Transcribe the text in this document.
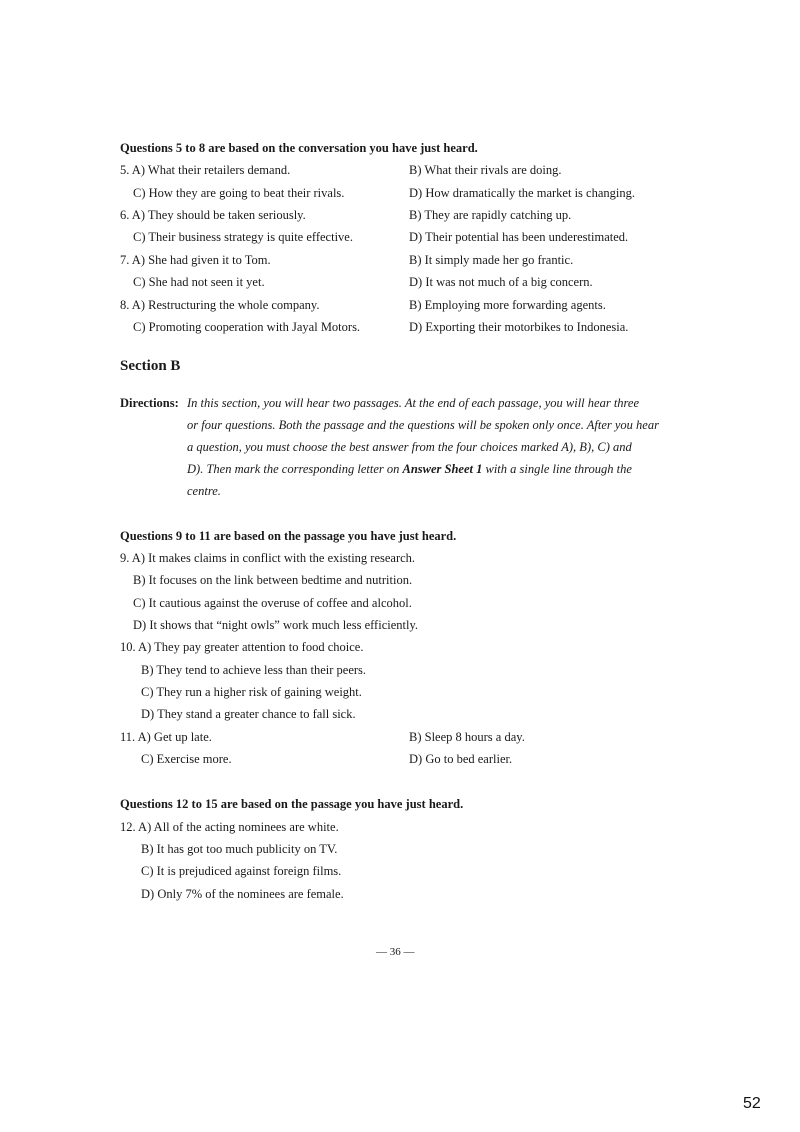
Questions 5 to 8 are based on the conversation you have just heard.
5. A) What their retailers demand.	B) What their rivals are doing.
C) How they are going to beat their rivals.	D) How dramatically the market is changing.
6. A) They should be taken seriously.	B) They are rapidly catching up.
C) Their business strategy is quite effective.	D) Their potential has been underestimated.
7. A) She had given it to Tom.	B) It simply made her go frantic.
C) She had not seen it yet.	D) It was not much of a big concern.
8. A) Restructuring the whole company.	B) Employing more forwarding agents.
C) Promoting cooperation with Jayal Motors.	D) Exporting their motorbikes to Indonesia.
Section B
Directions: In this section, you will hear two passages. At the end of each passage, you will hear three
or four questions. Both the passage and the questions will be spoken only once. After you hear
a question, you must choose the best answer from the four choices marked A), B), C) and
D). Then mark the corresponding letter on Answer Sheet 1 with a single line through the
centre.
Questions 9 to 11 are based on the passage you have just heard.
9. A) It makes claims in conflict with the existing research.
B) It focuses on the link between bedtime and nutrition.
C) It cautious against the overuse of coffee and alcohol.
D) It shows that “night owls” work much less efficiently.
10. A) They pay greater attention to food choice.
B) They tend to achieve less than their peers.
C) They run a higher risk of gaining weight.
D) They stand a greater chance to fall sick.
11. A) Get up late.	B) Sleep 8 hours a day.
C) Exercise more.	D) Go to bed earlier.
Questions 12 to 15 are based on the passage you have just heard.
12. A) All of the acting nominees are white.
B) It has got too much publicity on TV.
C) It is prejudiced against foreign films.
D) Only 7% of the nominees are female.
— 36 —
52
